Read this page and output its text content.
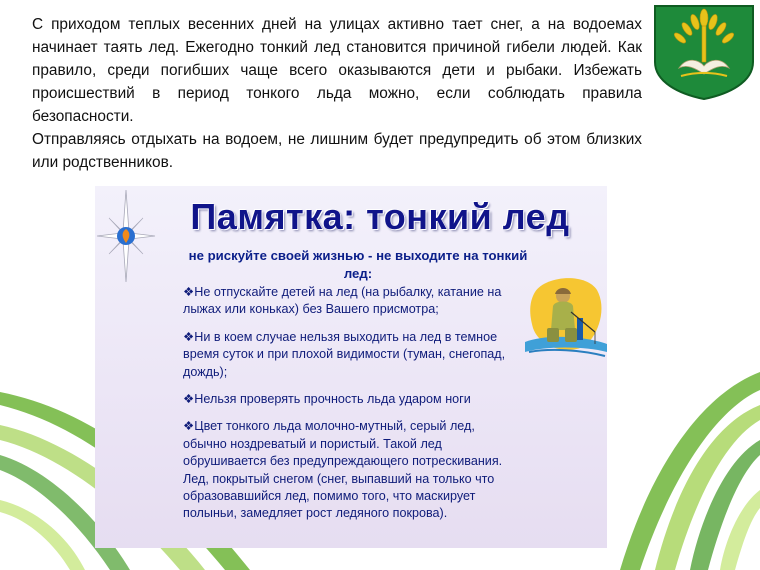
С приходом теплых весенних дней на улицах активно тает снег, а на водоемах начинает таять лед. Ежегодно тонкий лед становится причиной гибели людей. Как правило, среди погибших чаще всего оказываются дети и рыбаки. Избежать происшествий в период тонкого льда можно, если соблюдать правила безопасности.

Отправляясь отдыхать на водоем, не лишним будет предупредить об этом близких или родственников.

Памятка: тонкий лед
не рискуйте своей жизнью - не выходите на тонкий лед:

❖Не отпускайте детей на лед (на рыбалку, катание на лыжах или коньках) без Вашего присмотра;

❖Ни в коем случае нельзя выходить на лед в темное время суток и при плохой видимости (туман, снегопад, дождь);

❖Нельзя проверять прочность льда ударом ноги

❖Цвет тонкого льда молочно-мутный, серый лед, обычно ноздреватый и пористый. Такой лед обрушивается без предупреждающего потрескивания. Лед, покрытый снегом (снег, выпавший на только что образовавшийся лед, помимо того, что маскирует полыньи, замедляет рост ледяного покрова).
